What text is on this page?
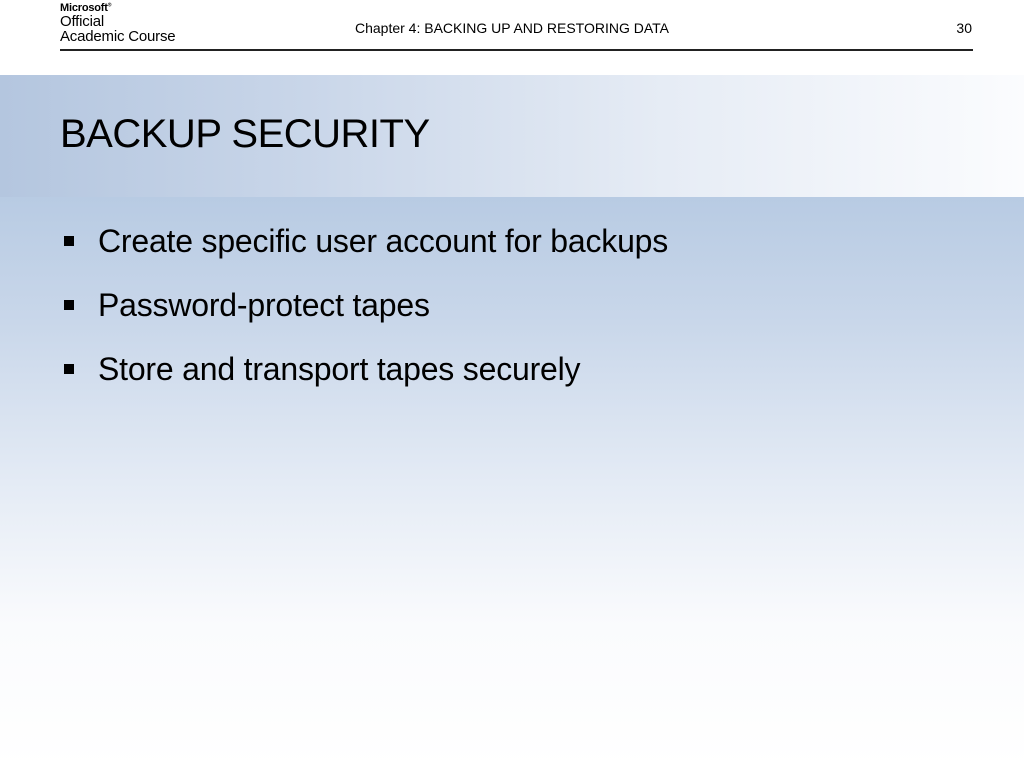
Microsoft®
Official
Academic Course	Chapter 4: BACKING UP AND RESTORING DATA	30
BACKUP SECURITY
Create specific user account for backups
Password-protect tapes
Store and transport tapes securely
